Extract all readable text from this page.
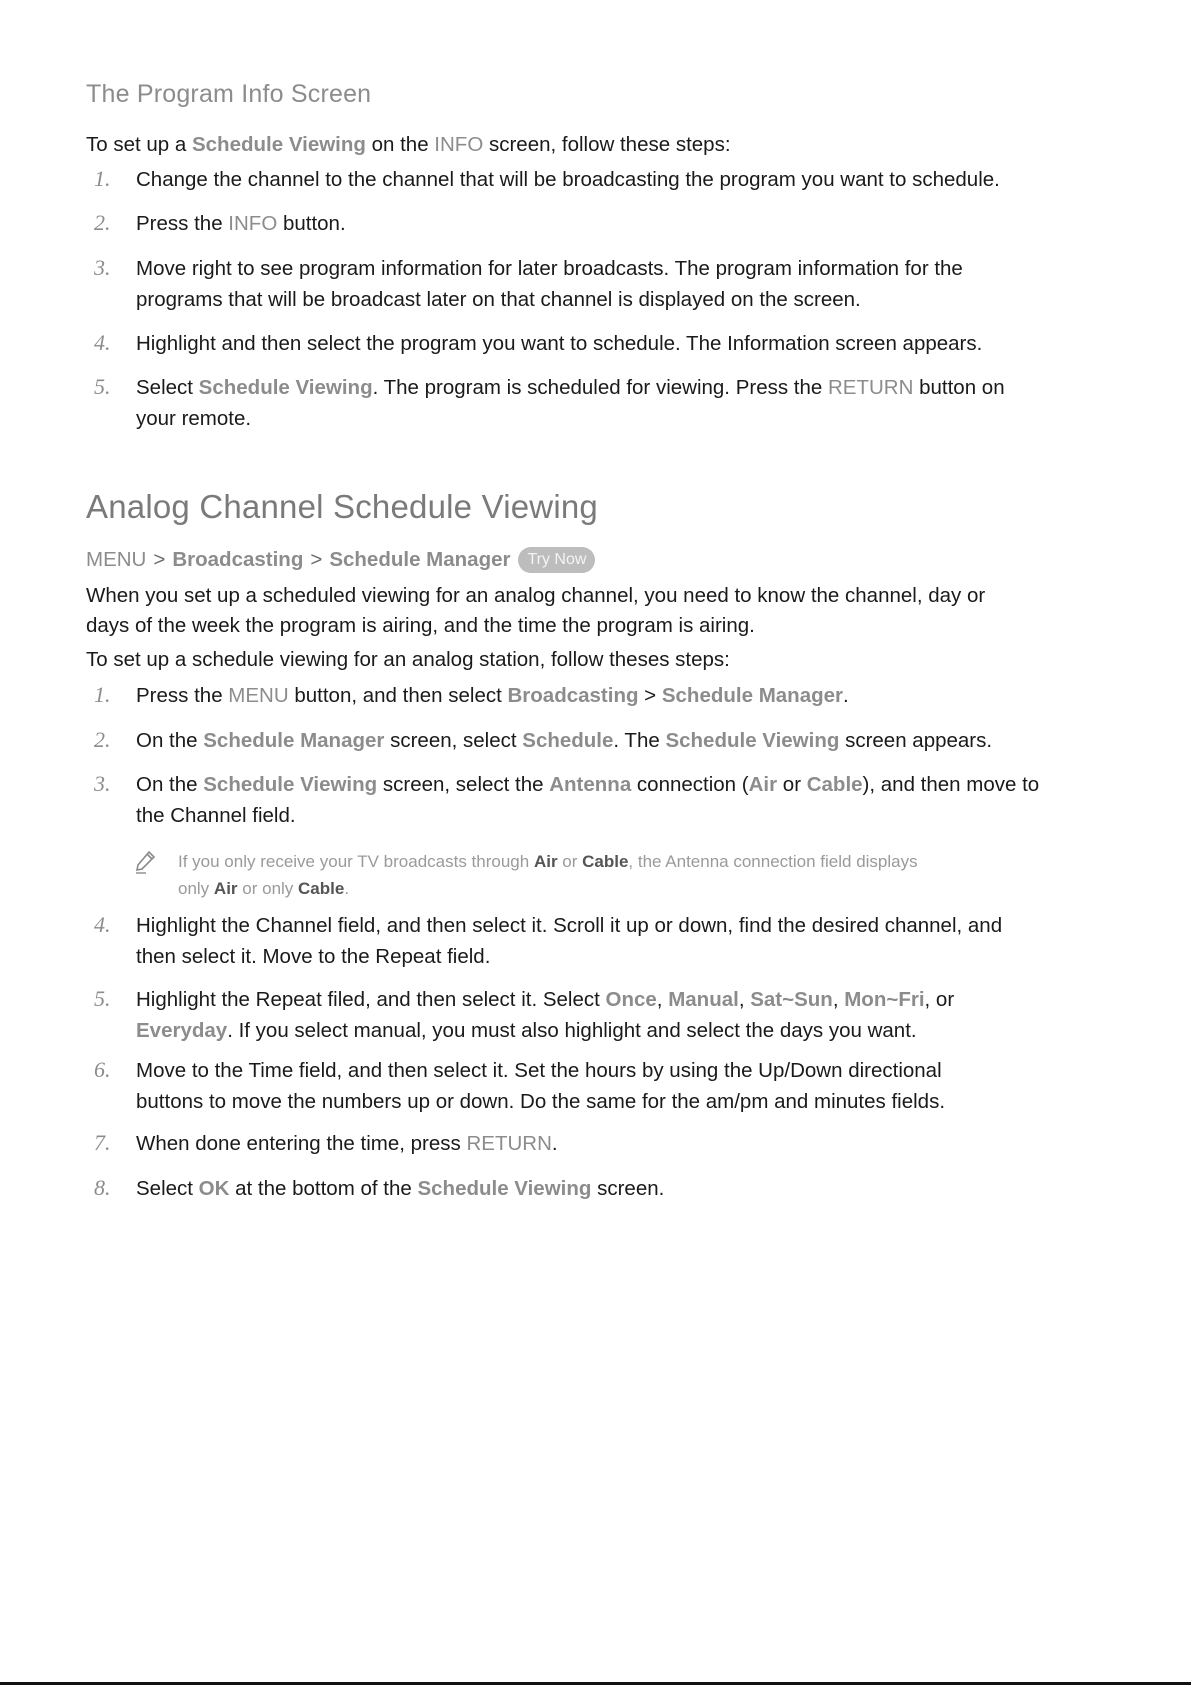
The Program Info Screen

To set up a Schedule Viewing on the INFO screen, follow these steps:

1.	Change the channel to the channel that will be broadcasting the program you want to schedule.
2.	Press the INFO button.
3.	Move right to see program information for later broadcasts. The program information for the
programs that will be broadcast later on that channel is displayed on the screen.
4.	Highlight and then select the program you want to schedule. The Information screen appears.
5.	Select Schedule Viewing. The program is scheduled for viewing. Press the RETURN button on
your remote.
Analog Channel Schedule Viewing
MENU > Broadcasting > Schedule Manager	Try Now

When you set up a scheduled viewing for an analog channel, you need to know the channel, day or
days of the week the program is airing, and the time the program is airing.

To set up a schedule viewing for an analog station, follow theses steps:

1.	Press the MENU button, and then select Broadcasting > Schedule Manager.
2.	On the Schedule Manager screen, select Schedule. The Schedule Viewing screen appears.
3.	On the Schedule Viewing screen, select the Antenna connection (Air or Cable), and then move to
the Channel field.
If you only receive your TV broadcasts through Air or Cable, the Antenna connection field displays
only Air or only Cable.
4.	Highlight the Channel field, and then select it. Scroll it up or down, find the desired channel, and
then select it. Move to the Repeat field.
5.	Highlight the Repeat filed, and then select it. Select Once, Manual, Sat~Sun, Mon~Fri, or
Everyday. If you select manual, you must also highlight and select the days you want.
6.	Move to the Time field, and then select it. Set the hours by using the Up/Down directional
buttons to move the numbers up or down. Do the same for the am/pm and minutes fields.
7.	When done entering the time, press RETURN.
8.	Select OK at the bottom of the Schedule Viewing screen.
